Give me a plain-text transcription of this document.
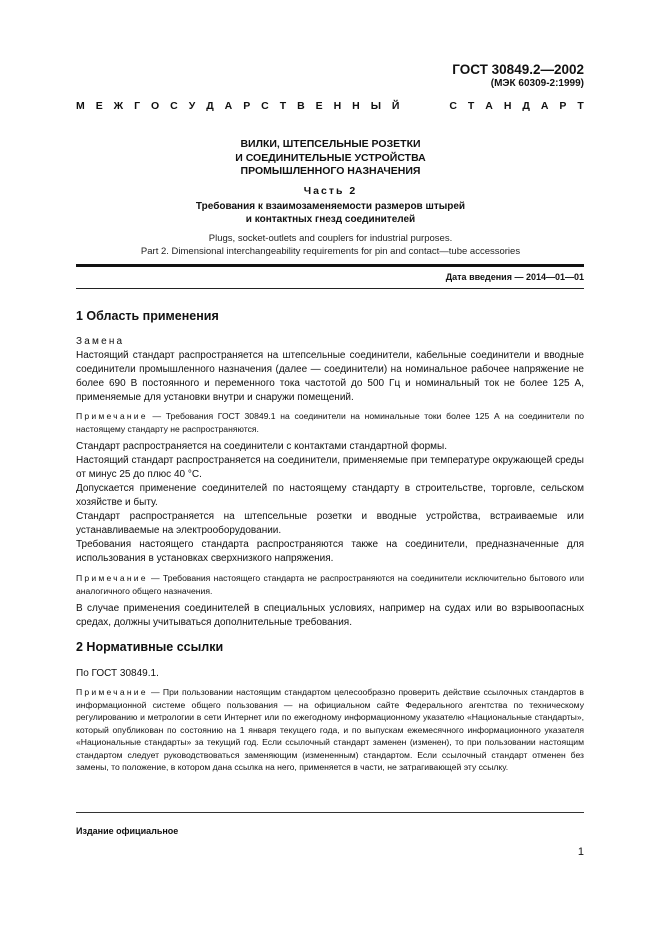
ГОСТ 30849.2—2002
(МЭК 60309-2:1999)
М Е Ж Г О С У Д А Р С Т В Е Н Н Ы Й	С Т А Н Д А Р Т
ВИЛКИ, ШТЕПСЕЛЬНЫЕ РОЗЕТКИ
И СОЕДИНИТЕЛЬНЫЕ УСТРОЙСТВА
ПРОМЫШЛЕННОГО НАЗНАЧЕНИЯ
Часть 2
Требования к взаимозаменяемости размеров штырей
и контактных гнезд соединителей
Plugs, socket-outlets and couplers for industrial purposes.
Part 2. Dimensional interchangeability requirements for pin and contact—tube accessories
Дата введения — 2014—01—01
1 Область применения
Замена
Настоящий стандарт распространяется на штепсельные соединители, кабельные соединители и вводные соединители промышленного назначения (далее — соединители) на номинальное рабочее напряжение не более 690 В постоянного и переменного тока частотой до 500 Гц и номинальный ток не более 125 А, применяемые для установки внутри и снаружи помещений.
Примечание — Требования ГОСТ 30849.1 на соединители на номинальные токи более 125 А на соединители по настоящему стандарту не распространяются.
Стандарт распространяется на соединители с контактами стандартной формы.
Настоящий стандарт распространяется на соединители, применяемые при температуре окружающей среды от минус 25 до плюс 40 °С.
Допускается применение соединителей по настоящему стандарту в строительстве, торговле, сельском хозяйстве и быту.
Стандарт распространяется на штепсельные розетки и вводные устройства, встраиваемые или устанавливаемые на электрооборудовании.
Требования настоящего стандарта распространяются также на соединители, предназначенные для использования в установках сверхнизкого напряжения.
Примечание — Требования настоящего стандарта не распространяются на соединители исключительно бытового или аналогичного общего назначения.
В случае применения соединителей в специальных условиях, например на судах или во взрывоопасных средах, должны учитываться дополнительные требования.
2 Нормативные ссылки
По ГОСТ 30849.1.
Примечание — При пользовании настоящим стандартом целесообразно проверить действие ссылочных стандартов в информационной системе общего пользования — на официальном сайте Федерального агентства по техническому регулированию и метрологии в сети Интернет или по ежегодному информационному указателю «Национальные стандарты», который опубликован по состоянию на 1 января текущего года, и по выпускам ежемесячного информационного указателя «Национальные стандарты» за текущий год. Если ссылочный стандарт заменен (изменен), то при пользовании настоящим стандартом следует руководствоваться заменяющим (измененным) стандартом. Если ссылочный стандарт отменен без замены, то положение, в котором дана ссылка на него, применяется в части, не затрагивающей эту ссылку.
Издание официальное
1
